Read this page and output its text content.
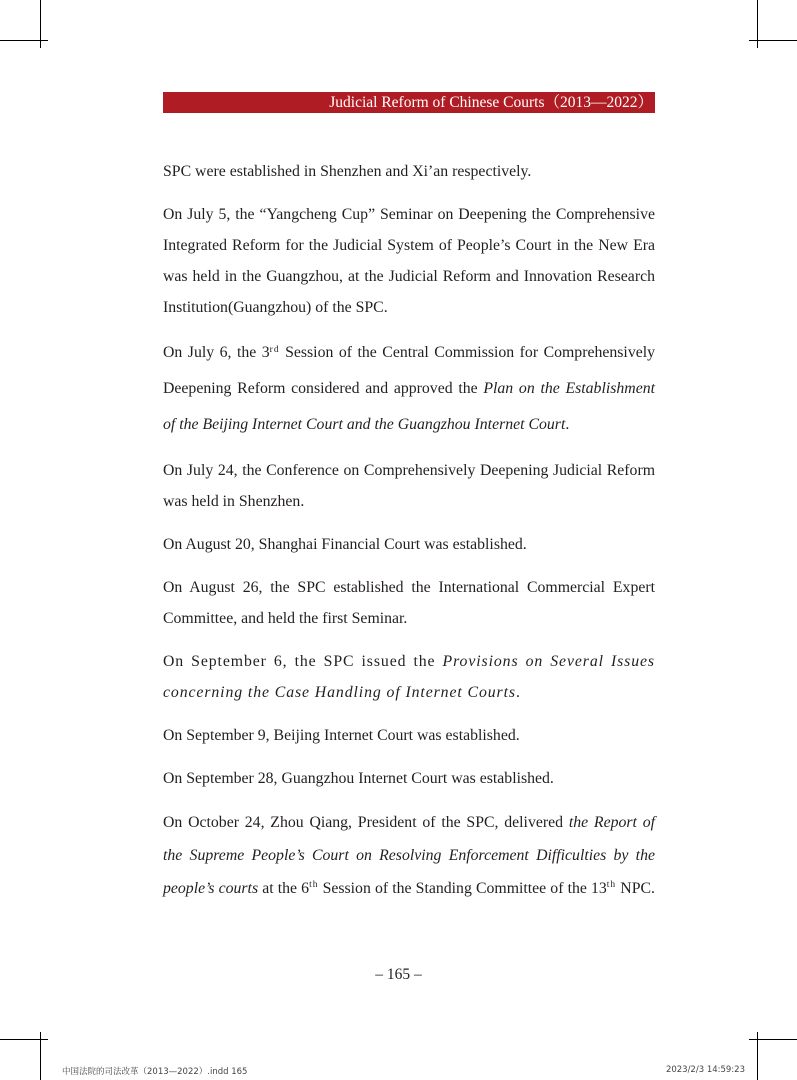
Judicial Reform of Chinese Courts（2013—2022）

SPC were established in Shenzhen and Xi’an respectively.

On July 5, the “Yangcheng Cup” Seminar on Deepening the Comprehensive Integrated Reform for the Judicial System of People’s Court in the New Era was held in the Guangzhou, at the Judicial Reform and Innovation Research Institution(Guangzhou) of the SPC.

On July 6, the 3rd Session of the Central Commission for Comprehensively Deepening Reform considered and approved the Plan on the Establishment of the Beijing Internet Court and the Guangzhou Internet Court.

On July 24, the Conference on Comprehensively Deepening Judicial Reform was held in Shenzhen.

On August 20, Shanghai Financial Court was established.

On August 26, the SPC established the International Commercial Expert Committee, and held the first Seminar.

On September 6, the SPC issued the Provisions on Several Issues concerning the Case Handling of Internet Courts.

On September 9, Beijing Internet Court was established.

On September 28, Guangzhou Internet Court was established.

On October 24, Zhou Qiang, President of the SPC, delivered the Report of the Supreme People’s Court on Resolving Enforcement Difficulties by the people’s courts at the 6th Session of the Standing Committee of the 13th NPC.

– 165 –
中国法院的司法改革（2013—2022）.indd 165	2023/2/3 14:59:23
